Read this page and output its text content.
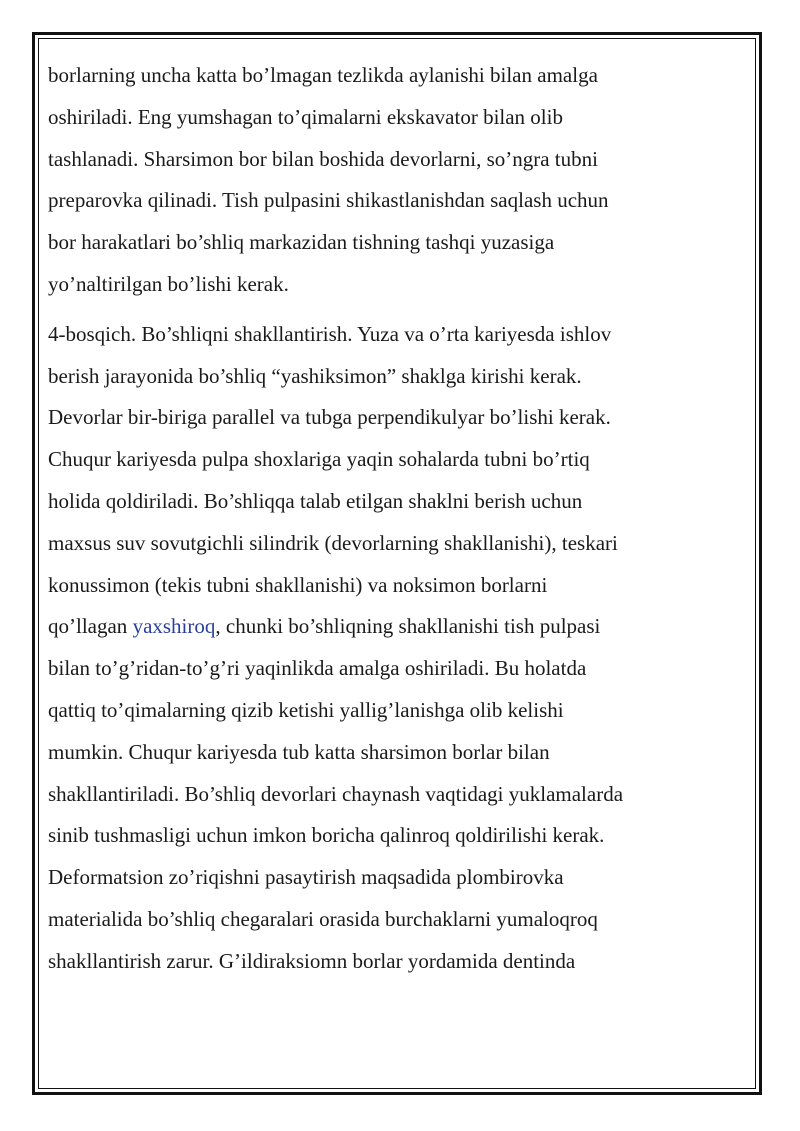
borlarning uncha katta bo’lmagan tezlikda aylanishi bilan amalga
oshiriladi. Eng yumshagan to’qimalarni ekskavator bilan olib
tashlanadi. Sharsimon bor bilan boshida devorlarni, so’ngra tubni
preparovka qilinadi. Tish pulpasini shikastlanishdan saqlash uchun
bor harakatlari bo’shliq markazidan tishning tashqi yuzasiga
yo’naltirilgan bo’lishi kerak.

4-bosqich. Bo’shliqni shakllantirish. Yuza va o’rta kariyesda ishlov
berish jarayonida bo’shliq “yashiksimon” shaklga kirishi kerak.
Devorlar bir-biriga parallel va tubga perpendikulyar bo’lishi kerak.
Chuqur kariyesda pulpa shoxlariga yaqin sohalarda tubni bo’rtiq
holida qoldiriladi. Bo’shliqqa talab etilgan shaklni berish uchun
maxsus suv sovutgichli silindrik (devorlarning shakllanishi), teskari
konussimon (tekis tubni shakllanishi) va noksimon borlarni
qo’llagan yaxshiroq, chunki bo’shliqning shakllanishi tish pulpasi
bilan to’g’ridan-to’g’ri yaqinlikda amalga oshiriladi. Bu holatda
qattiq to’qimalarning qizib ketishi yallig’lanishga olib kelishi
mumkin. Chuqur kariyesda tub katta sharsimon borlar bilan
shakllantiriladi. Bo’shliq devorlari chaynash vaqtidagi yuklamalarda
sinib tushmasligi uchun imkon boricha qalinroq qoldirilishi kerak.
Deformatsion zo’riqishni pasaytirish maqsadida plombirovka
materialida bo’shliq chegaralari orasida burchaklarni yumaloqroq
shakllantirish zarur. G’ildiraksiomn borlar yordamida dentinda
